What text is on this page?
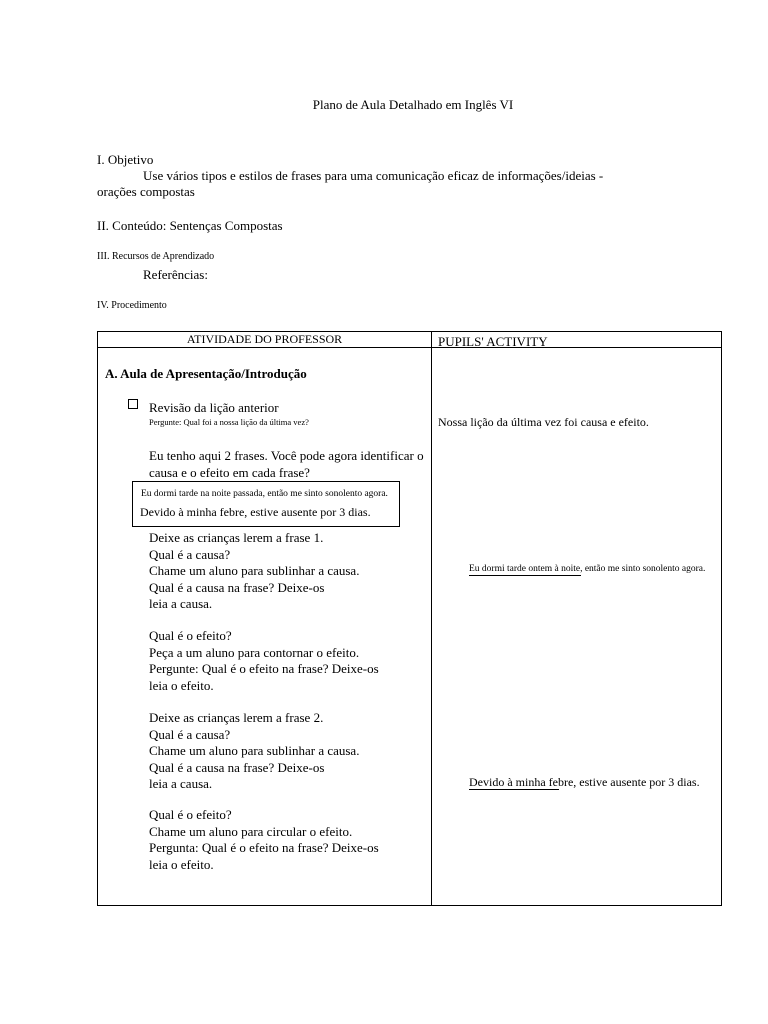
Plano de Aula Detalhado em Inglês VI
I. Objetivo
Use vários tipos e estilos de frases para uma comunicação eficaz de informações/ideias -
orações compostas
II. Conteúdo: Sentenças Compostas
III. Recursos de Aprendizado
Referências:
IV. Procedimento
ATIVIDADE DO PROFESSOR	PUPILS' ACTIVITY
A. Aula de Apresentação/Introdução
Revisão da lição anterior
Pergunte: Qual foi a nossa lição da última vez?
Eu tenho aqui 2 frases. Você pode agora identificar o
causa e o efeito em cada frase?
Eu dormi tarde na noite passada, então me sinto sonolento agora.
Devido à minha febre, estive ausente por 3 dias.
Deixe as crianças lerem a frase 1.
Qual é a causa?
Chame um aluno para sublinhar a causa.
Qual é a causa na frase? Deixe-os
leia a causa.
Qual é o efeito?
Peça a um aluno para contornar o efeito.
Pergunte: Qual é o efeito na frase? Deixe-os
leia o efeito.
Deixe as crianças lerem a frase 2.
Qual é a causa?
Chame um aluno para sublinhar a causa.
Qual é a causa na frase? Deixe-os
leia a causa.
Qual é o efeito?
Chame um aluno para circular o efeito.
Pergunta: Qual é o efeito na frase? Deixe-os
leia o efeito.
Nossa lição da última vez foi causa e efeito.
Eu dormi tarde ontem à noite, então me sinto sonolento agora.
Devido à minha febre, estive ausente por 3 dias.
